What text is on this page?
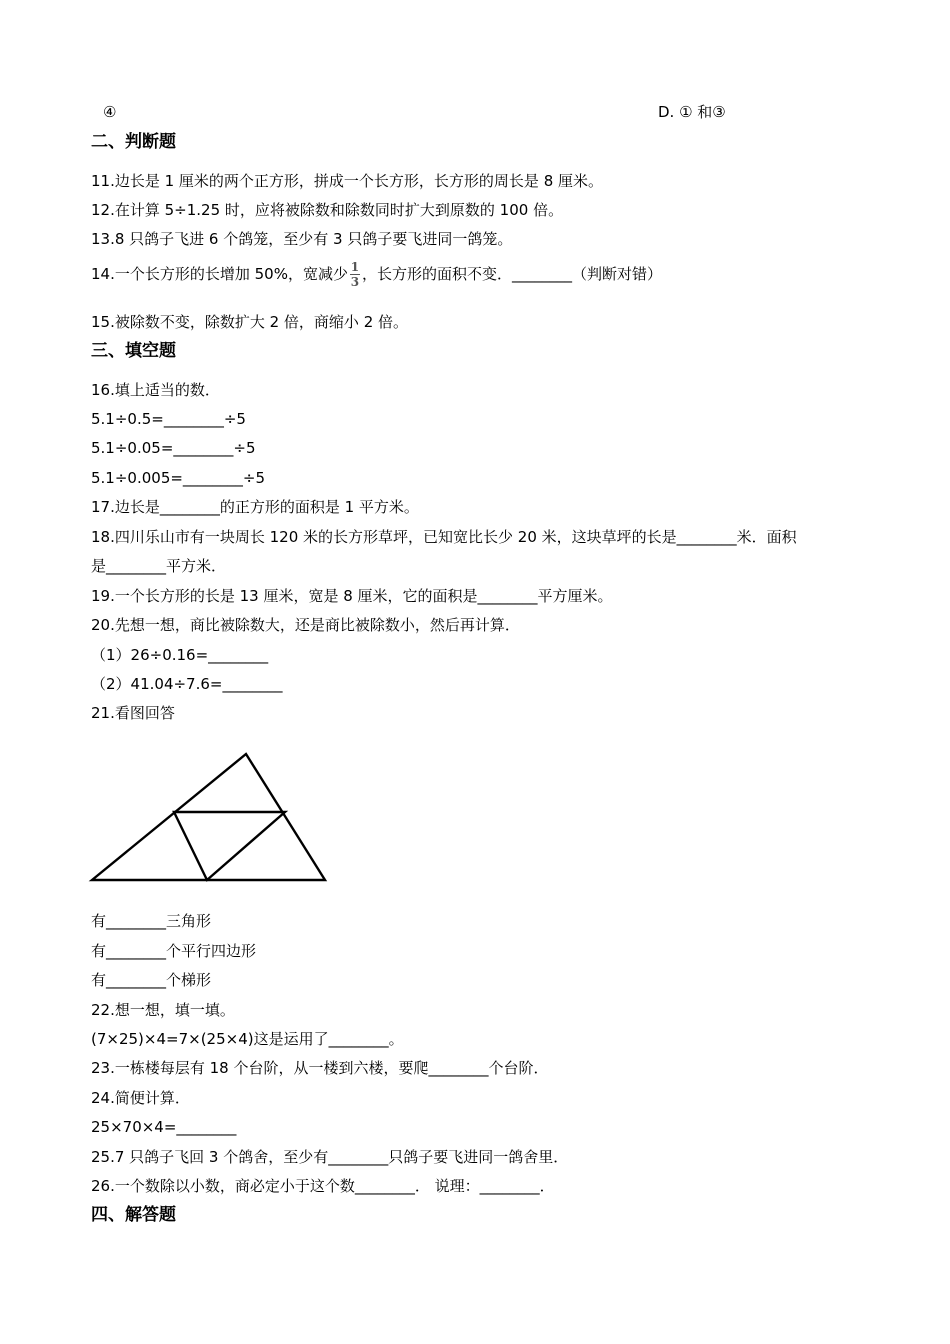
④	D. ① 和③
二、判断题
11.边长是 1 厘米的两个正方形，拼成一个长方形，长方形的周长是 8 厘米。
12.在计算 5÷1.25 时，应将被除数和除数同时扩大到原数的 100 倍。
13.8 只鸽子飞进 6 个鸽笼，至少有 3 只鸽子要飞进同一鸽笼。
14.一个长方形的长增加 50%，宽减少 $\frac{1}{3}$ ，长方形的面积不变．________（判断对错）
15.被除数不变，除数扩大 2 倍，商缩小 2 倍。
三、填空题
16.填上适当的数．
5.1÷0.5=________÷5
5.1÷0.05=________÷5
5.1÷0.005=________÷5
17.边长是________的正方形的面积是 1 平方米。
18.四川乐山市有一块周长 120 米的长方形草坪，已知宽比长少 20 米，这块草坪的长是________米．面积
是________平方米．
19.一个长方形的长是 13 厘米，宽是 8 厘米，它的面积是________平方厘米。
20.先想一想，商比被除数大，还是商比被除数小，然后再计算．
（1）26÷0.16=________
（2）41.04÷7.6=________
21.看图回答
有________三角形
有________个平行四边形
有________个梯形
22.想一想，填一填。
(7×25)×4=7×(25×4)这是运用了________。
23.一栋楼每层有 18 个台阶，从一楼到六楼，要爬________个台阶．
24.简便计算．
25×70×4=________
25.7 只鸽子飞回 3 个鸽舍，至少有________只鸽子要飞进同一鸽舍里．
26.一个数除以小数，商必定小于这个数________． 说理：________．
四、解答题
